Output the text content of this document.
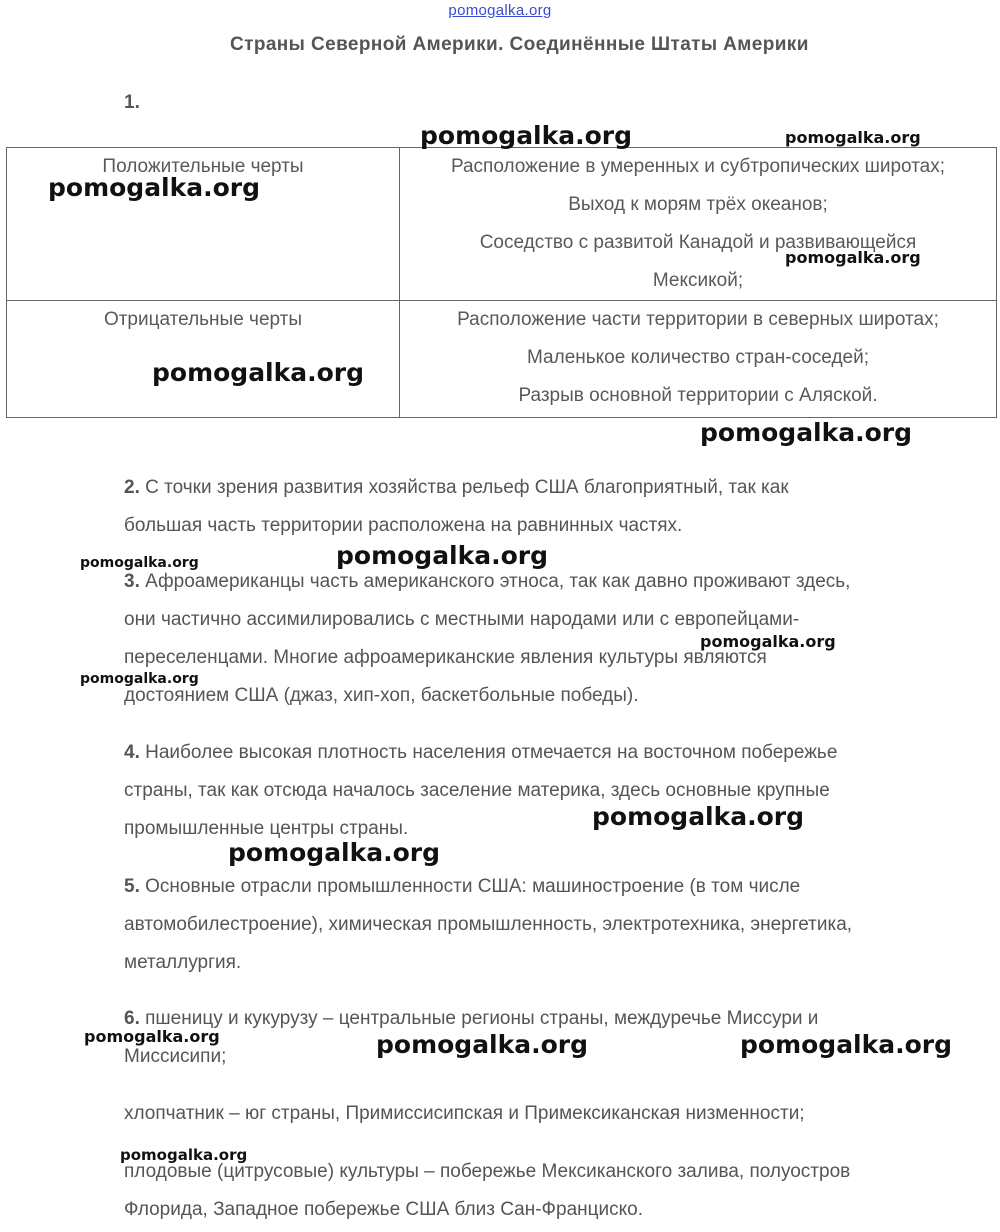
pomogalka.org
Страны Северной Америки. Соединённые Штаты Америки
1.
Положительные черты	Расположение в умеренных и субтропических широтах;
Выход к морям трёх океанов;
Соседство с развитой Канадой и развивающейся
Мексикой;

Отрицательные черты	Расположение части территории в северных широтах;
Маленькое количество стран-соседей;
Разрыв основной территории с Аляской.
2. С точки зрения развития хозяйства рельеф США благоприятный, так как
большая часть территории расположена на равнинных частях.
3. Афроамериканцы часть американского этноса, так как давно проживают здесь,
они частично ассимилировались с местными народами или с европейцами-
переселенцами. Многие афроамериканские явления культуры являются
достоянием США (джаз, хип-хоп, баскетбольные победы).
4. Наиболее высокая плотность населения отмечается на восточном побережье
страны, так как отсюда началось заселение материка, здесь основные крупные
промышленные центры страны.
5. Основные отрасли промышленности США: машиностроение (в том числе
автомобилестроение), химическая промышленность, электротехника, энергетика,
металлургия.
6. пшеницу и кукурузу – центральные регионы страны, междуречье Миссури и
Миссисипи;
хлопчатник – юг страны, Примиссисипская и Примексиканская низменности;
плодовые (цитрусовые) культуры – побережье Мексиканского залива, полуостров
Флорида, Западное побережье США близ Сан-Франциско.
pomogalka.org	pomogalka.org
pomogalka.org
pomogalka.org
pomogalka.org
pomogalka.org
pomogalka.org	pomogalka.org
pomogalka.org
pomogalka.org
pomogalka.org
pomogalka.org
pomogalka.org	pomogalka.org	pomogalka.org
pomogalka.org
